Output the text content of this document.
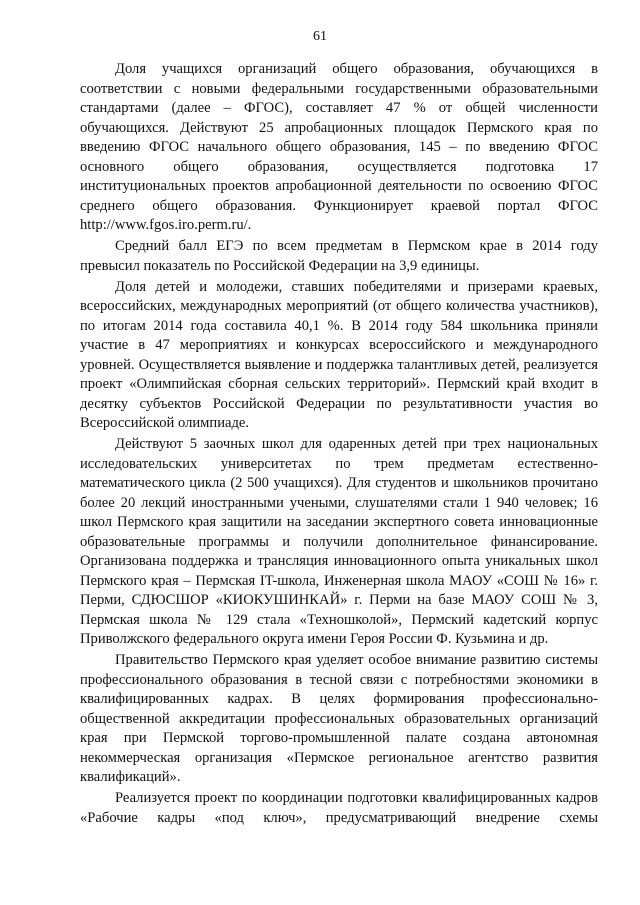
61

Доля учащихся организаций общего образования, обучающихся в соответствии с новыми федеральными государственными образовательными стандартами (далее – ФГОС), составляет 47 % от общей численности обучающихся. Действуют 25 апробационных площадок Пермского края по введению ФГОС начального общего образования, 145 – по введению ФГОС основного общего образования, осуществляется подготовка 17 институциональных проектов апробационной деятельности по освоению ФГОС среднего общего образования. Функционирует краевой портал ФГОС http://www.fgos.iro.perm.ru/.

Средний балл ЕГЭ по всем предметам в Пермском крае в 2014 году превысил показатель по Российской Федерации на 3,9 единицы.

Доля детей и молодежи, ставших победителями и призерами краевых, всероссийских, международных мероприятий (от общего количества участников), по итогам 2014 года составила 40,1 %. В 2014 году 584 школьника приняли участие в 47 мероприятиях и конкурсах всероссийского и международного уровней. Осуществляется выявление и поддержка талантливых детей, реализуется проект «Олимпийская сборная сельских территорий». Пермский край входит в десятку субъектов Российской Федерации по результативности участия во Всероссийской олимпиаде.

Действуют 5 заочных школ для одаренных детей при трех национальных исследовательских университетах по трем предметам естественно-математического цикла (2 500 учащихся). Для студентов и школьников прочитано более 20 лекций иностранными учеными, слушателями стали 1 940 человек; 16 школ Пермского края защитили на заседании экспертного совета инновационные образовательные программы и получили дополнительное финансирование. Организована поддержка и трансляция инновационного опыта уникальных школ Пермского края – Пермская IT-школа, Инженерная школа МАОУ «СОШ № 16» г. Перми, СДЮСШОР «КИОКУШИНКАЙ» г. Перми на базе МАОУ СОШ № 3, Пермская школа № 129 стала «Техношколой», Пермский кадетский корпус Приволжского федерального округа имени Героя России Ф. Кузьмина и др.

Правительство Пермского края уделяет особое внимание развитию системы профессионального образования в тесной связи с потребностями экономики в квалифицированных кадрах. В целях формирования профессионально-общественной аккредитации профессиональных образовательных организаций края при Пермской торгово-промышленной палате создана автономная некоммерческая организация «Пермское региональное агентство развития квалификаций».

Реализуется проект по координации подготовки квалифицированных кадров «Рабочие кадры «под ключ», предусматривающий внедрение схемы
